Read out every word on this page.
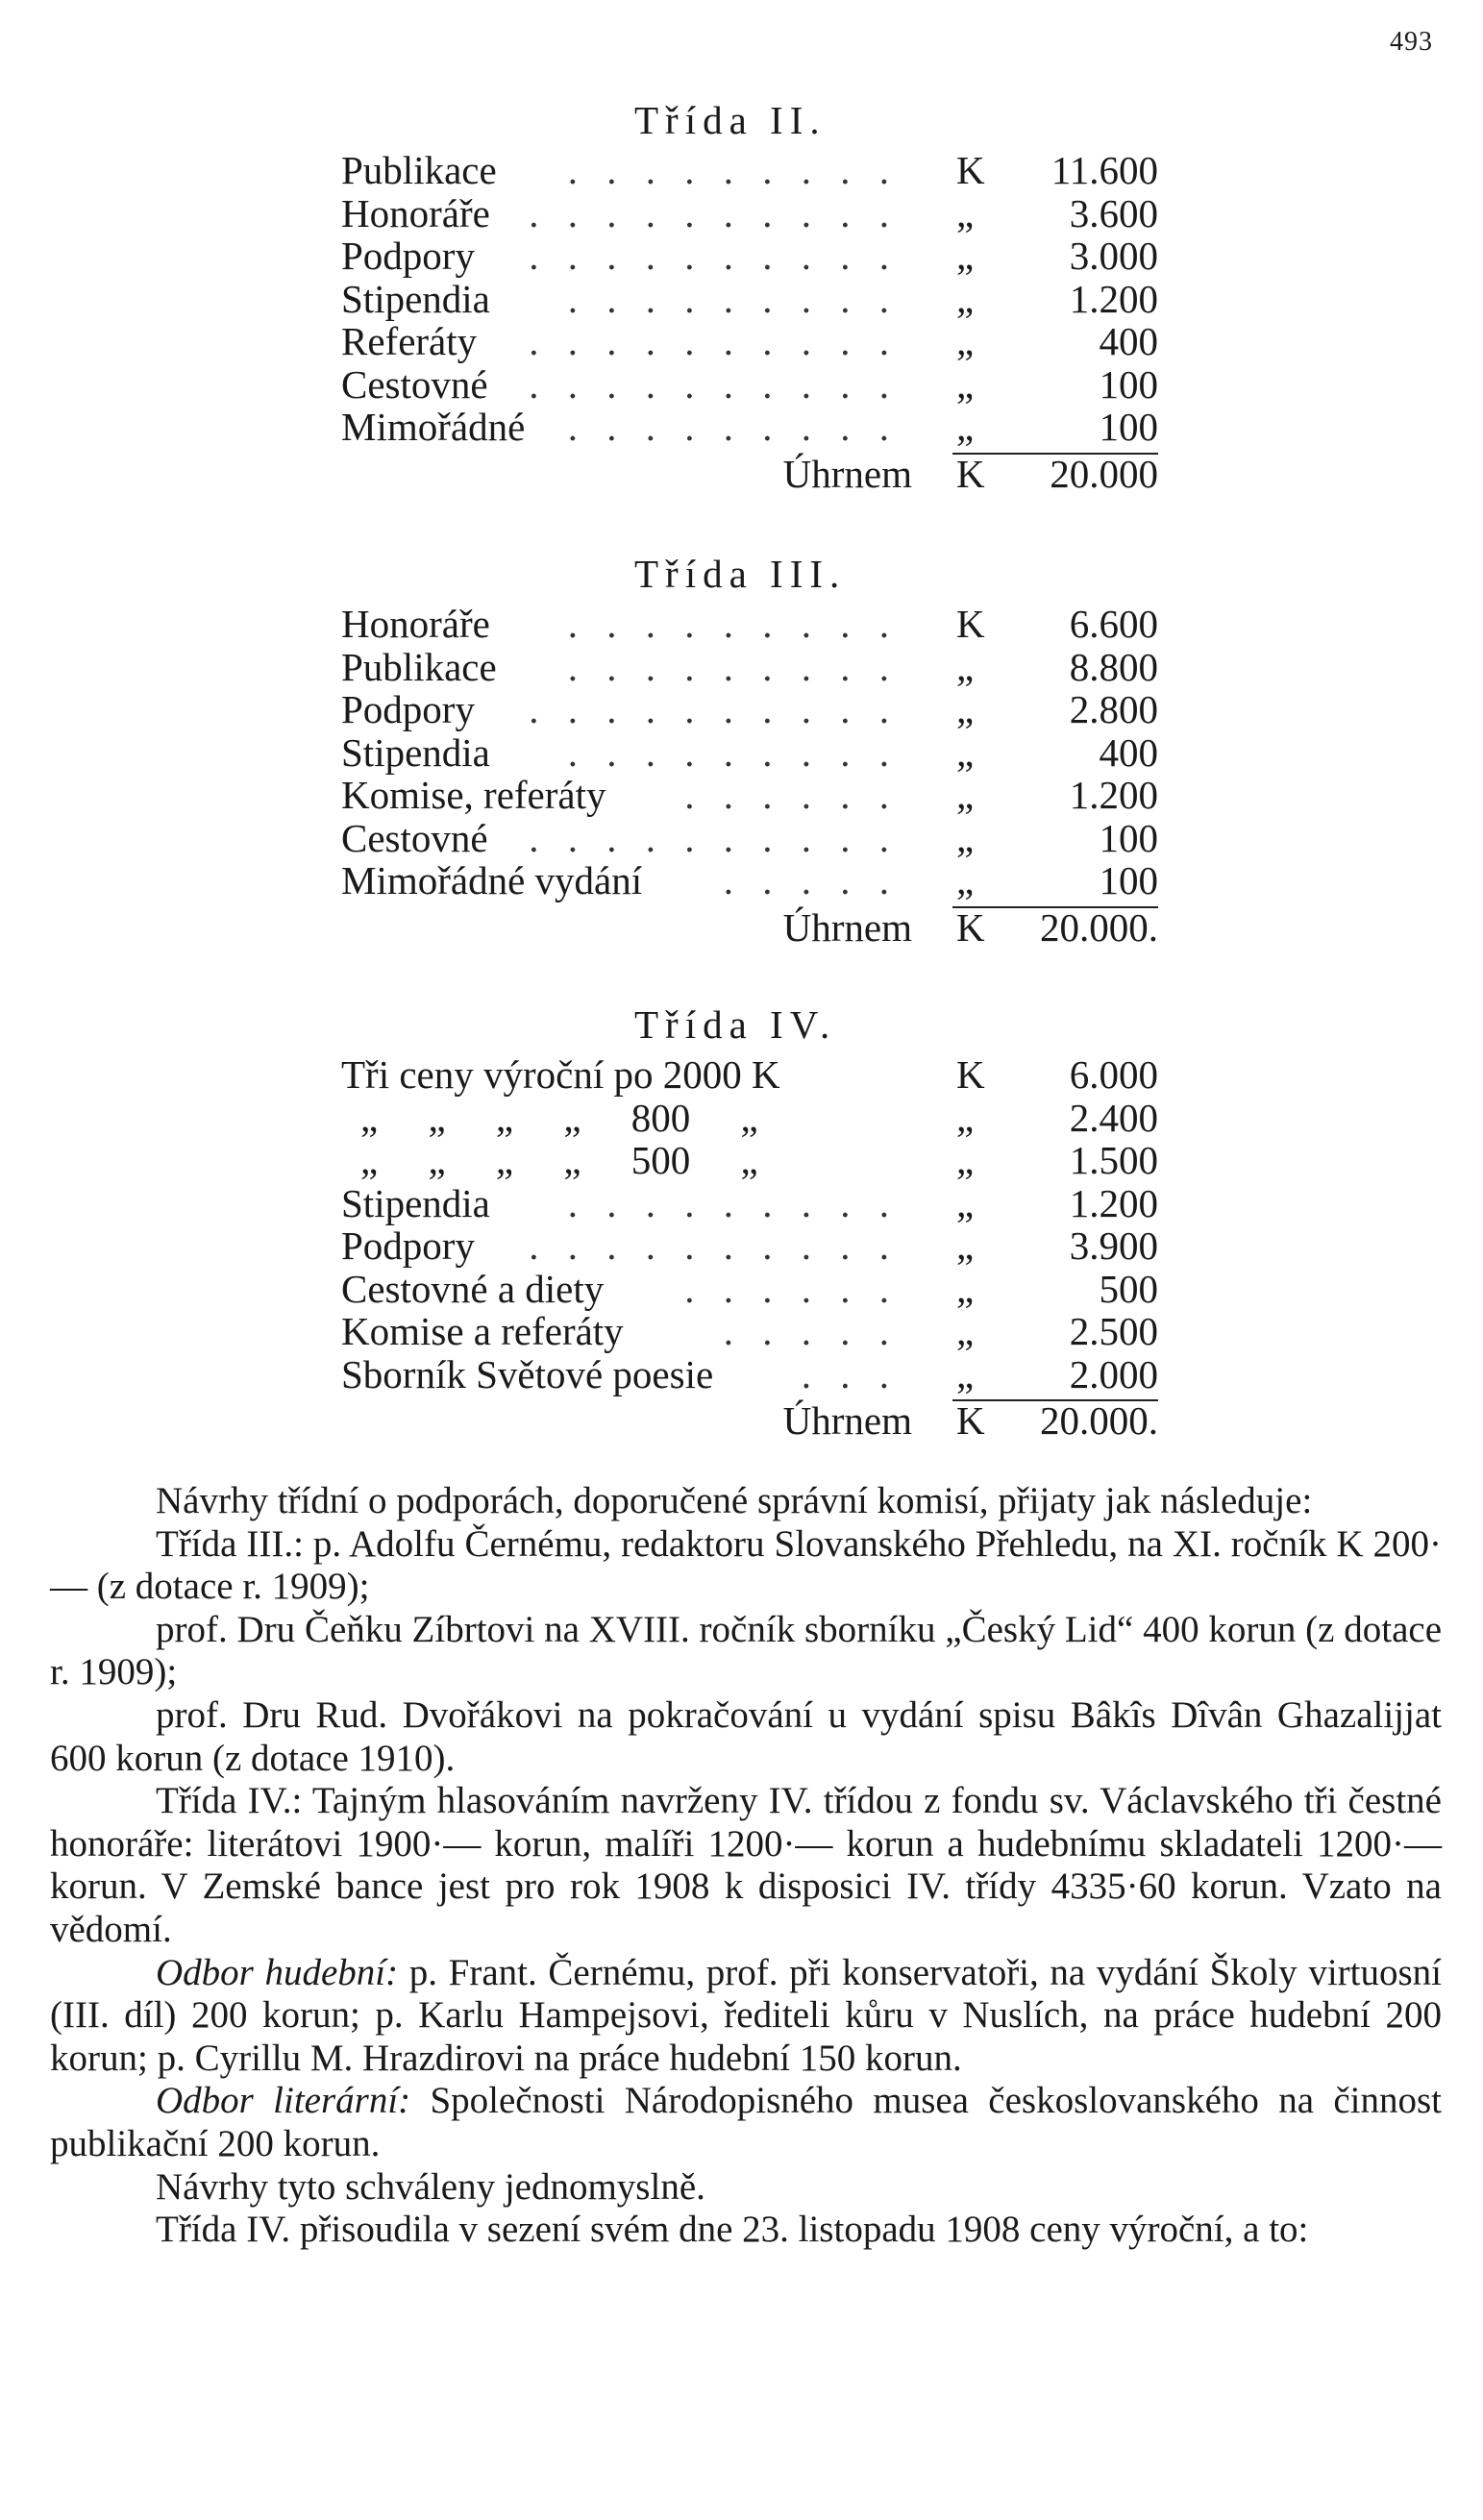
493
Třída II.
Publikace . . . . . . . . . K 11.600
Honoráře . . . . . . . . . . „	3.600
Podpory . . . . . . . . . . „	3.000
Stipendia . . . . . . . . . „	1.200
Referáty . . . . . . . . . . „	400
Cestovné . . . . . . . . . . „	100
Mimořádné . . . . . . . . . „	100
Úhrnem K 20.000
Třída III.
Honoráře . . . . . . . . . K 6.600
Publikace . . . . . . . . . „	8.800
Podpory . . . . . . . . . . „	2.800
Stipendia . . . . . . . . . „	400
Komise, referáty . . . . . . „	1.200
Cestovné . . . . . . . . . . „	100
Mimořádné vydání . . . . . „	100
Úhrnem K 20.000.
Třída IV.
Tři ceny výroční po 2000 K	K 6.000
„ „ „ „ 800 „	„	2.400
„ „ „ „ 500 „	„	1.500
Stipendia . . . . . . . . . „	1.200
Podpory . . . . . . . . . . „	3.900
Cestovné a diety . . . . . . „	500
Komise a referáty	. . . . . „	2.500
Sborník Světové poesie . . . „	2.000
Úhrnem K 20.000.

Návrhy třídní o podporách, doporučené správní komisí, přijaty jak následuje:

Třída III.: p. Adolfu Černému, redaktoru Slovanského Přehledu, na XI. ročník K 200·— (z dotace r. 1909);

prof. Dru Čeňku Zíbrtovi na XVIII. ročník sborníku „Český Lid“ 400 korun (z dotace r. 1909);

prof. Dru Rud. Dvořákovi na pokračování u vydání spisu Bâkîs Dîvân Ghazalijjat 600 korun (z dotace 1910).

Třída IV.: Tajným hlasováním navrženy IV. třídou z fondu sv. Václavského tři čestné honoráře: literátovi 1900·— korun, malíři 1200·— korun a hudebnímu skladateli 1200·— korun. V Zemské bance jest pro rok 1908 k disposici IV. třídy 4335·60 korun. Vzato na vědomí.

Odbor hudební: p. Frant. Černému, prof. při konservatoři, na vydání Školy virtuosní (III. díl) 200 korun; p. Karlu Hampejsovi, řediteli kůru v Nuslích, na práce hudební 200 korun; p. Cyrillu M. Hrazdirovi na práce hudební 150 korun.

Odbor literární: Společnosti Národopisného musea českoslovanského na činnost publikační 200 korun.

Návrhy tyto schváleny jednomyslně.

Třída IV. přisoudila v sezení svém dne 23. listopadu 1908 ceny výroční, a to:
